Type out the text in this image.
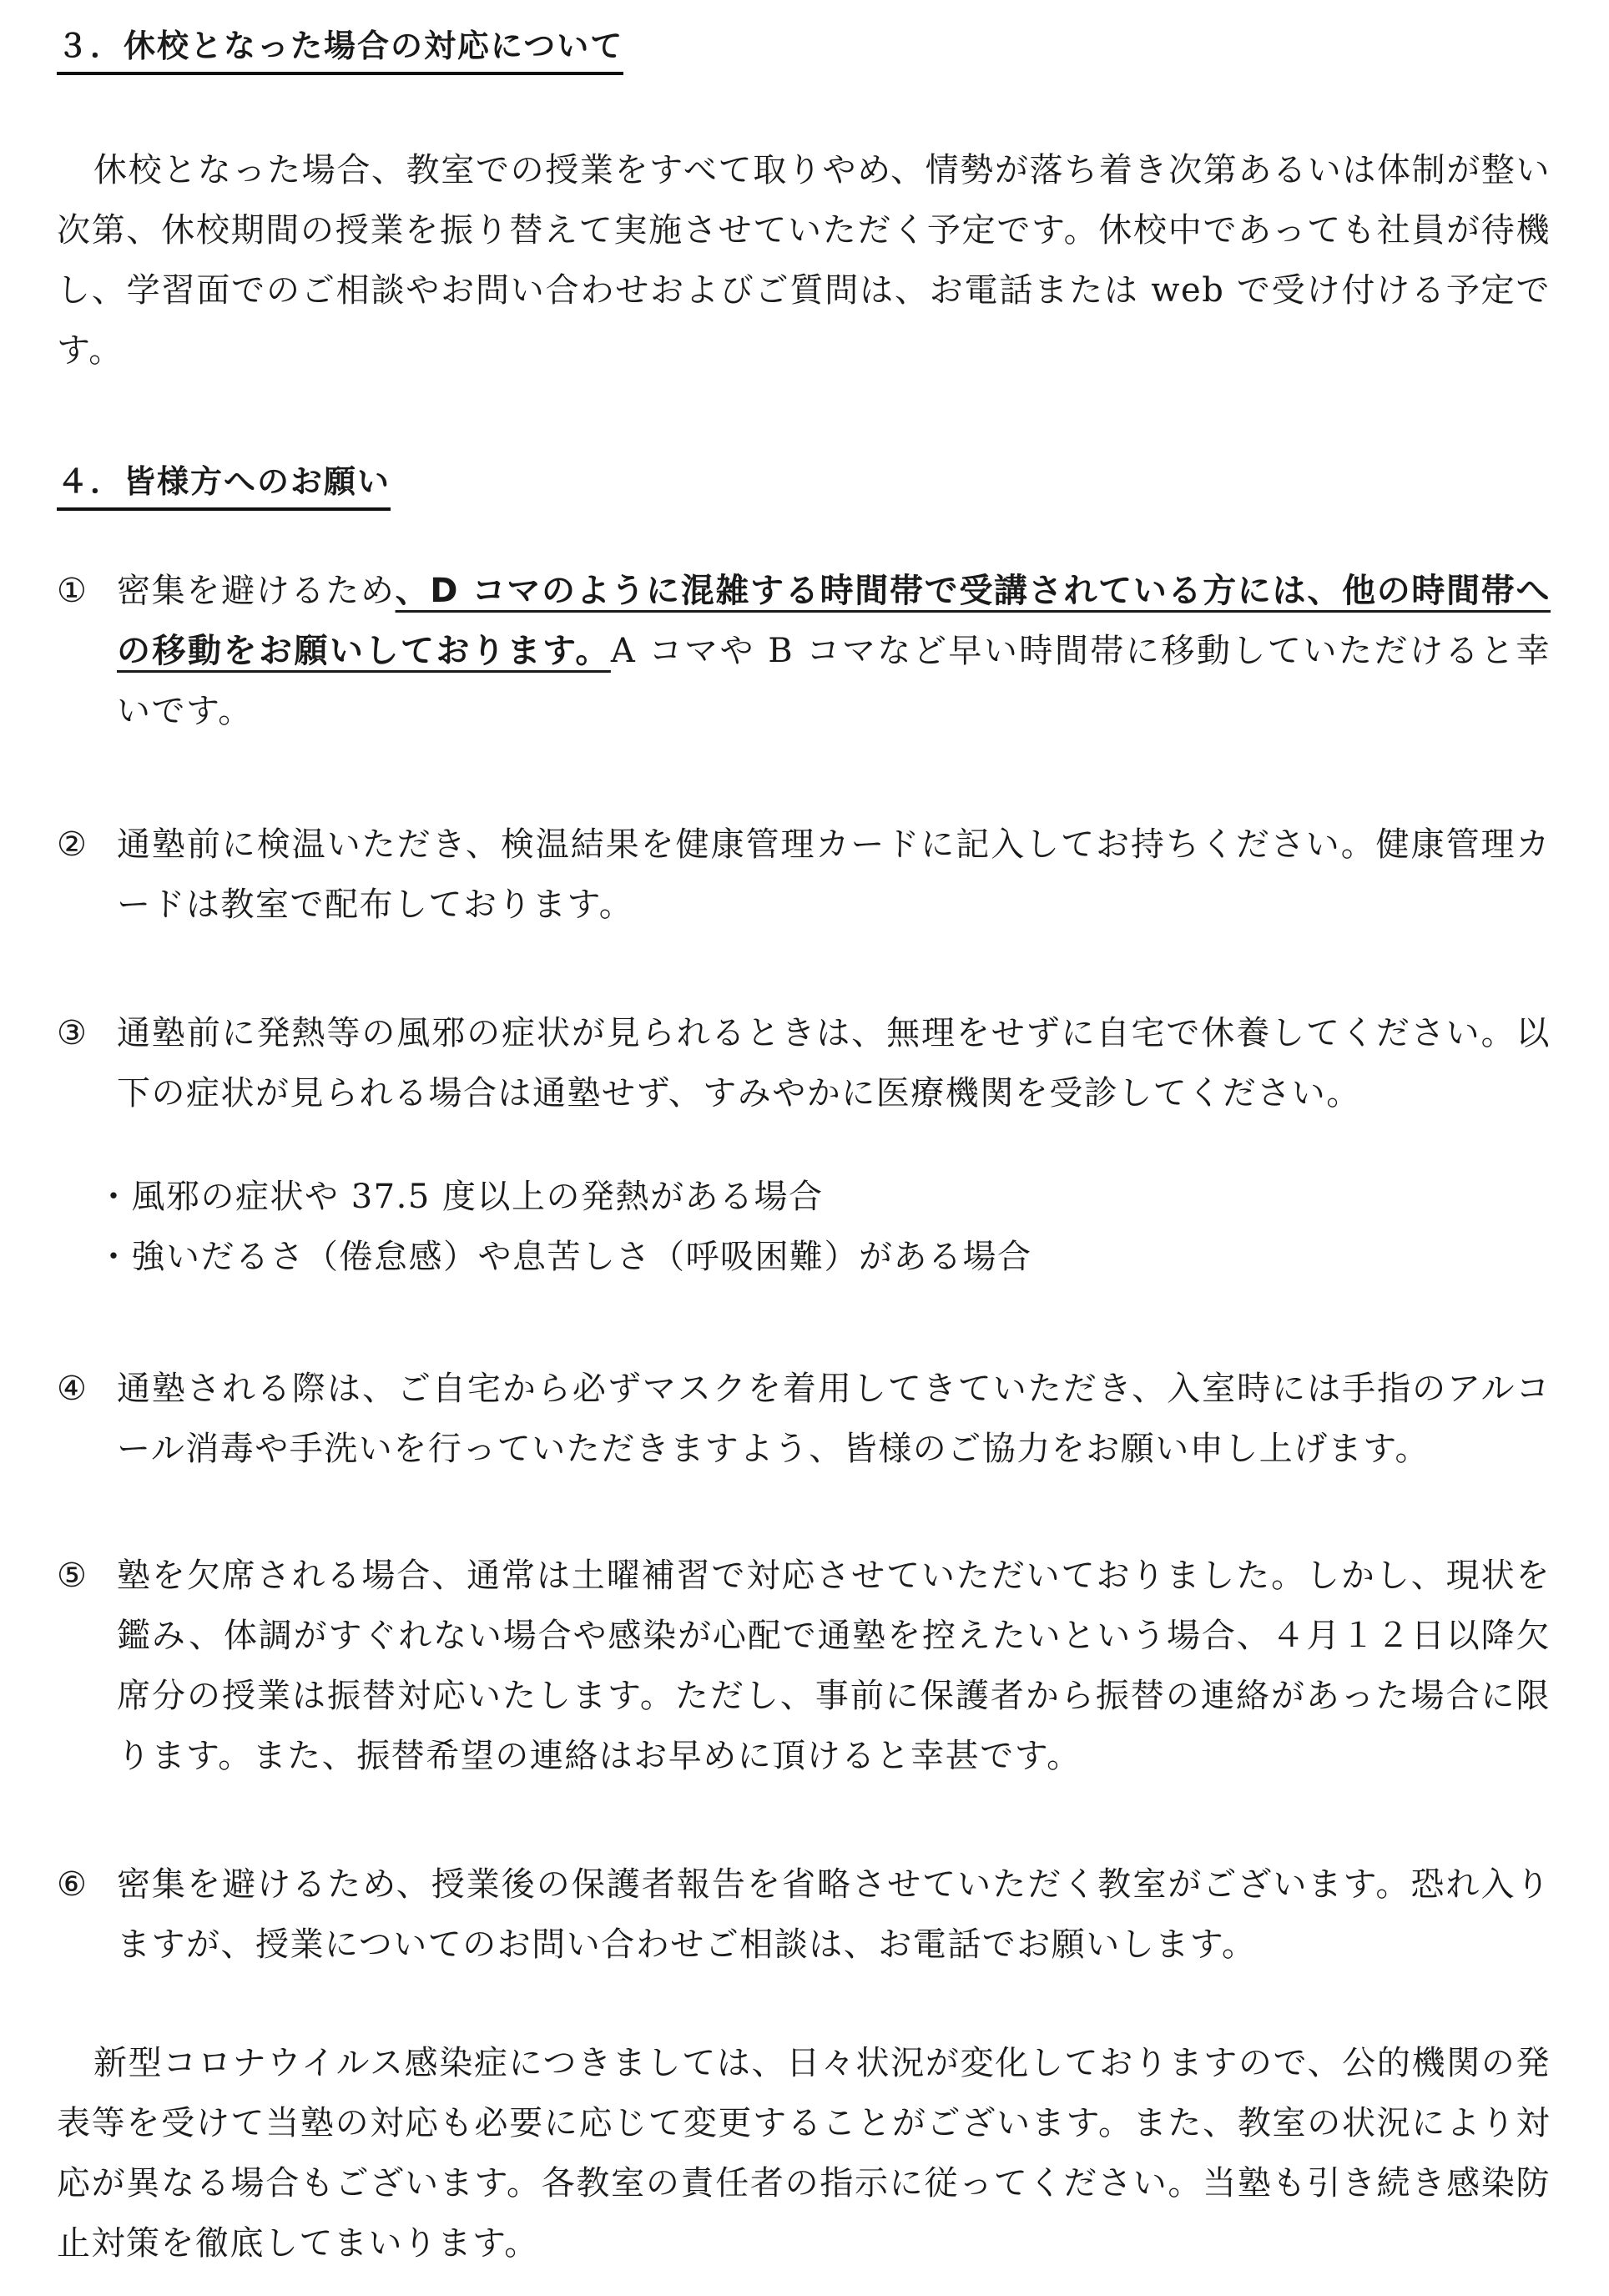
３．休校となった場合の対応について
休校となった場合、教室での授業をすべて取りやめ、情勢が落ち着き次第あるいは体制が整い次第、休校期間の授業を振り替えて実施させていただく予定です。休校中であっても社員が待機し、学習面でのご相談やお問い合わせおよびご質問は、お電話または web で受け付ける予定です。
４．皆様方へのお願い
① 密集を避けるため、D コマのように混雑する時間帯で受講されている方には、他の時間帯への移動をお願いしております。A コマや B コマなど早い時間帯に移動していただけると幸いです。
② 通塾前に検温いただき、検温結果を健康管理カードに記入してお持ちください。健康管理カードは教室で配布しております。
③ 通塾前に発熱等の風邪の症状が見られるときは、無理をせずに自宅で休養してください。以下の症状が見られる場合は通塾せず、すみやかに医療機関を受診してください。
・風邪の症状や 37.5 度以上の発熱がある場合
・強いだるさ（倦怠感）や息苦しさ（呼吸困難）がある場合
④ 通塾される際は、ご自宅から必ずマスクを着用してきていただき、入室時には手指のアルコール消毒や手洗いを行っていただきますよう、皆様のご協力をお願い申し上げます。
⑤ 塾を欠席される場合、通常は土曜補習で対応させていただいておりました。しかし、現状を鑑み、体調がすぐれない場合や感染が心配で通塾を控えたいという場合、４月１２日以降欠席分の授業は振替対応いたします。ただし、事前に保護者から振替の連絡があった場合に限ります。また、振替希望の連絡はお早めに頂けると幸甚です。
⑥ 密集を避けるため、授業後の保護者報告を省略させていただく教室がございます。恐れ入りますが、授業についてのお問い合わせご相談は、お電話でお願いします。
新型コロナウイルス感染症につきましては、日々状況が変化しておりますので、公的機関の発表等を受けて当塾の対応も必要に応じて変更することがございます。また、教室の状況により対応が異なる場合もございます。各教室の責任者の指示に従ってください。当塾も引き続き感染防止対策を徹底してまいります。
